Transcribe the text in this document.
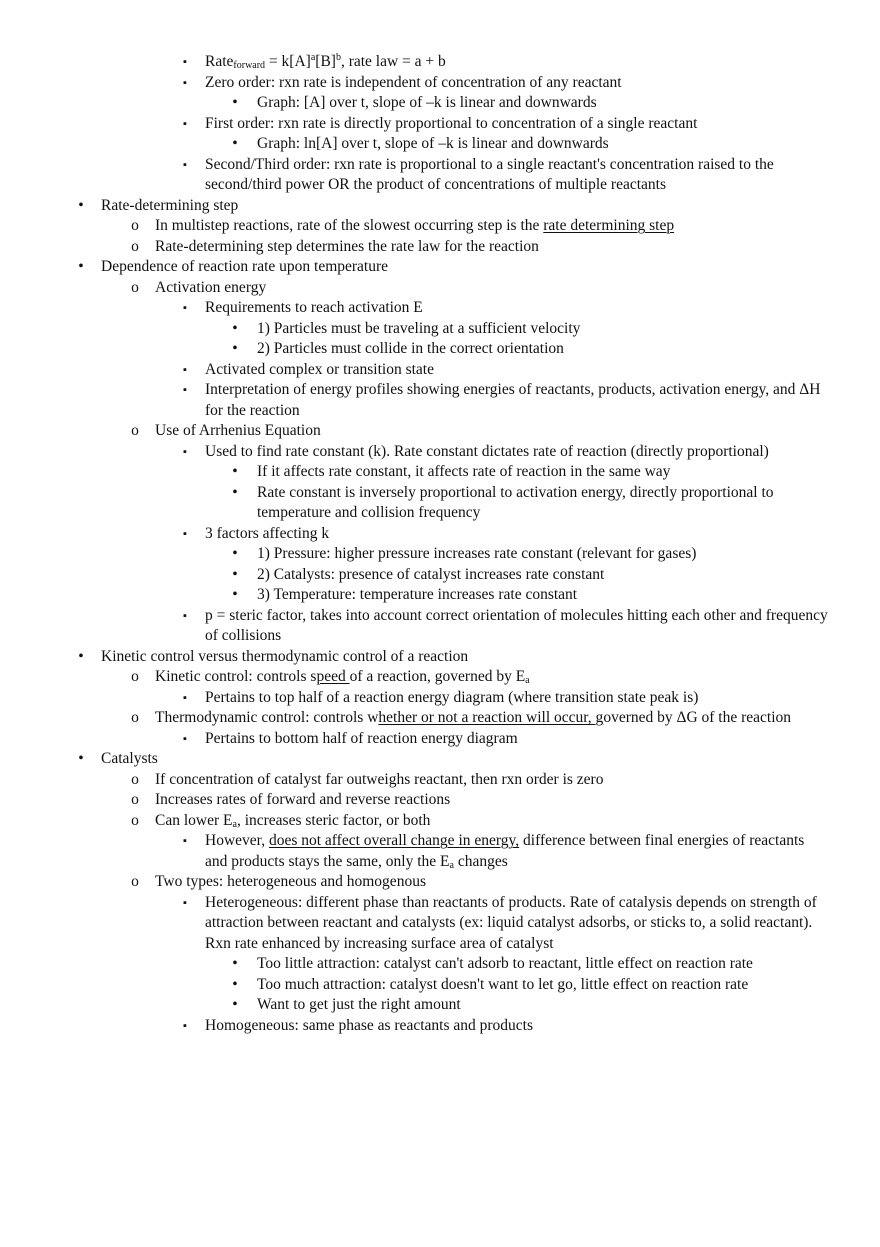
▪	Rate$_{forward}$ = $k[A]^a[B]^b$, rate law = a + b
▪	Zero order: rxn rate is independent of concentration of any reactant
•	Graph: [A] over t, slope of –k is linear and downwards
▪	First order: rxn rate is directly proportional to concentration of a single reactant
•	Graph: ln[A] over t, slope of –k is linear and downwards
▪	Second/Third order: rxn rate is proportional to a single reactant's concentration raised to the second/third power OR the product of concentrations of multiple reactants
•	Rate-determining step
o In multistep reactions, rate of the slowest occurring step is the rate determining step
o Rate-determining step determines the rate law for the reaction
•	Dependence of reaction rate upon temperature
o Activation energy
▪	Requirements to reach activation E
•	1) Particles must be traveling at a sufficient velocity
•	2) Particles must collide in the correct orientation
▪	Activated complex or transition state
▪	Interpretation of energy profiles showing energies of reactants, products, activation energy, and ΔH for the reaction
o Use of Arrhenius Equation
▪	Used to find rate constant (k). Rate constant dictates rate of reaction (directly proportional)
•	If it affects rate constant, it affects rate of reaction in the same way
•	Rate constant is inversely proportional to activation energy, directly proportional to temperature and collision frequency
▪	3 factors affecting k
•	1) Pressure: higher pressure increases rate constant (relevant for gases)
•	2) Catalysts: presence of catalyst increases rate constant
•	3) Temperature: temperature increases rate constant
▪	p = steric factor, takes into account correct orientation of molecules hitting each other and frequency of collisions
•	Kinetic control versus thermodynamic control of a reaction
o Kinetic control: controls speed of a reaction, governed by $E_a$
▪	Pertains to top half of a reaction energy diagram (where transition state peak is)
o Thermodynamic control: controls whether or not a reaction will occur, governed by ΔG of the reaction
▪	Pertains to bottom half of reaction energy diagram
•	Catalysts
o If concentration of catalyst far outweighs reactant, then rxn order is zero
o Increases rates of forward and reverse reactions
o Can lower $E_a$, increases steric factor, or both
▪	However, does not affect overall change in energy, difference between final energies of reactants and products stays the same, only the $E_a$ changes
o Two types: heterogeneous and homogenous
▪	Heterogeneous: different phase than reactants of products. Rate of catalysis depends on strength of attraction between reactant and catalysts (ex: liquid catalyst adsorbs, or sticks to, a solid reactant). Rxn rate enhanced by increasing surface area of catalyst
•	Too little attraction: catalyst can't adsorb to reactant, little effect on reaction rate
•	Too much attraction: catalyst doesn't want to let go, little effect on reaction rate
•	Want to get just the right amount
▪	Homogeneous: same phase as reactants and products
